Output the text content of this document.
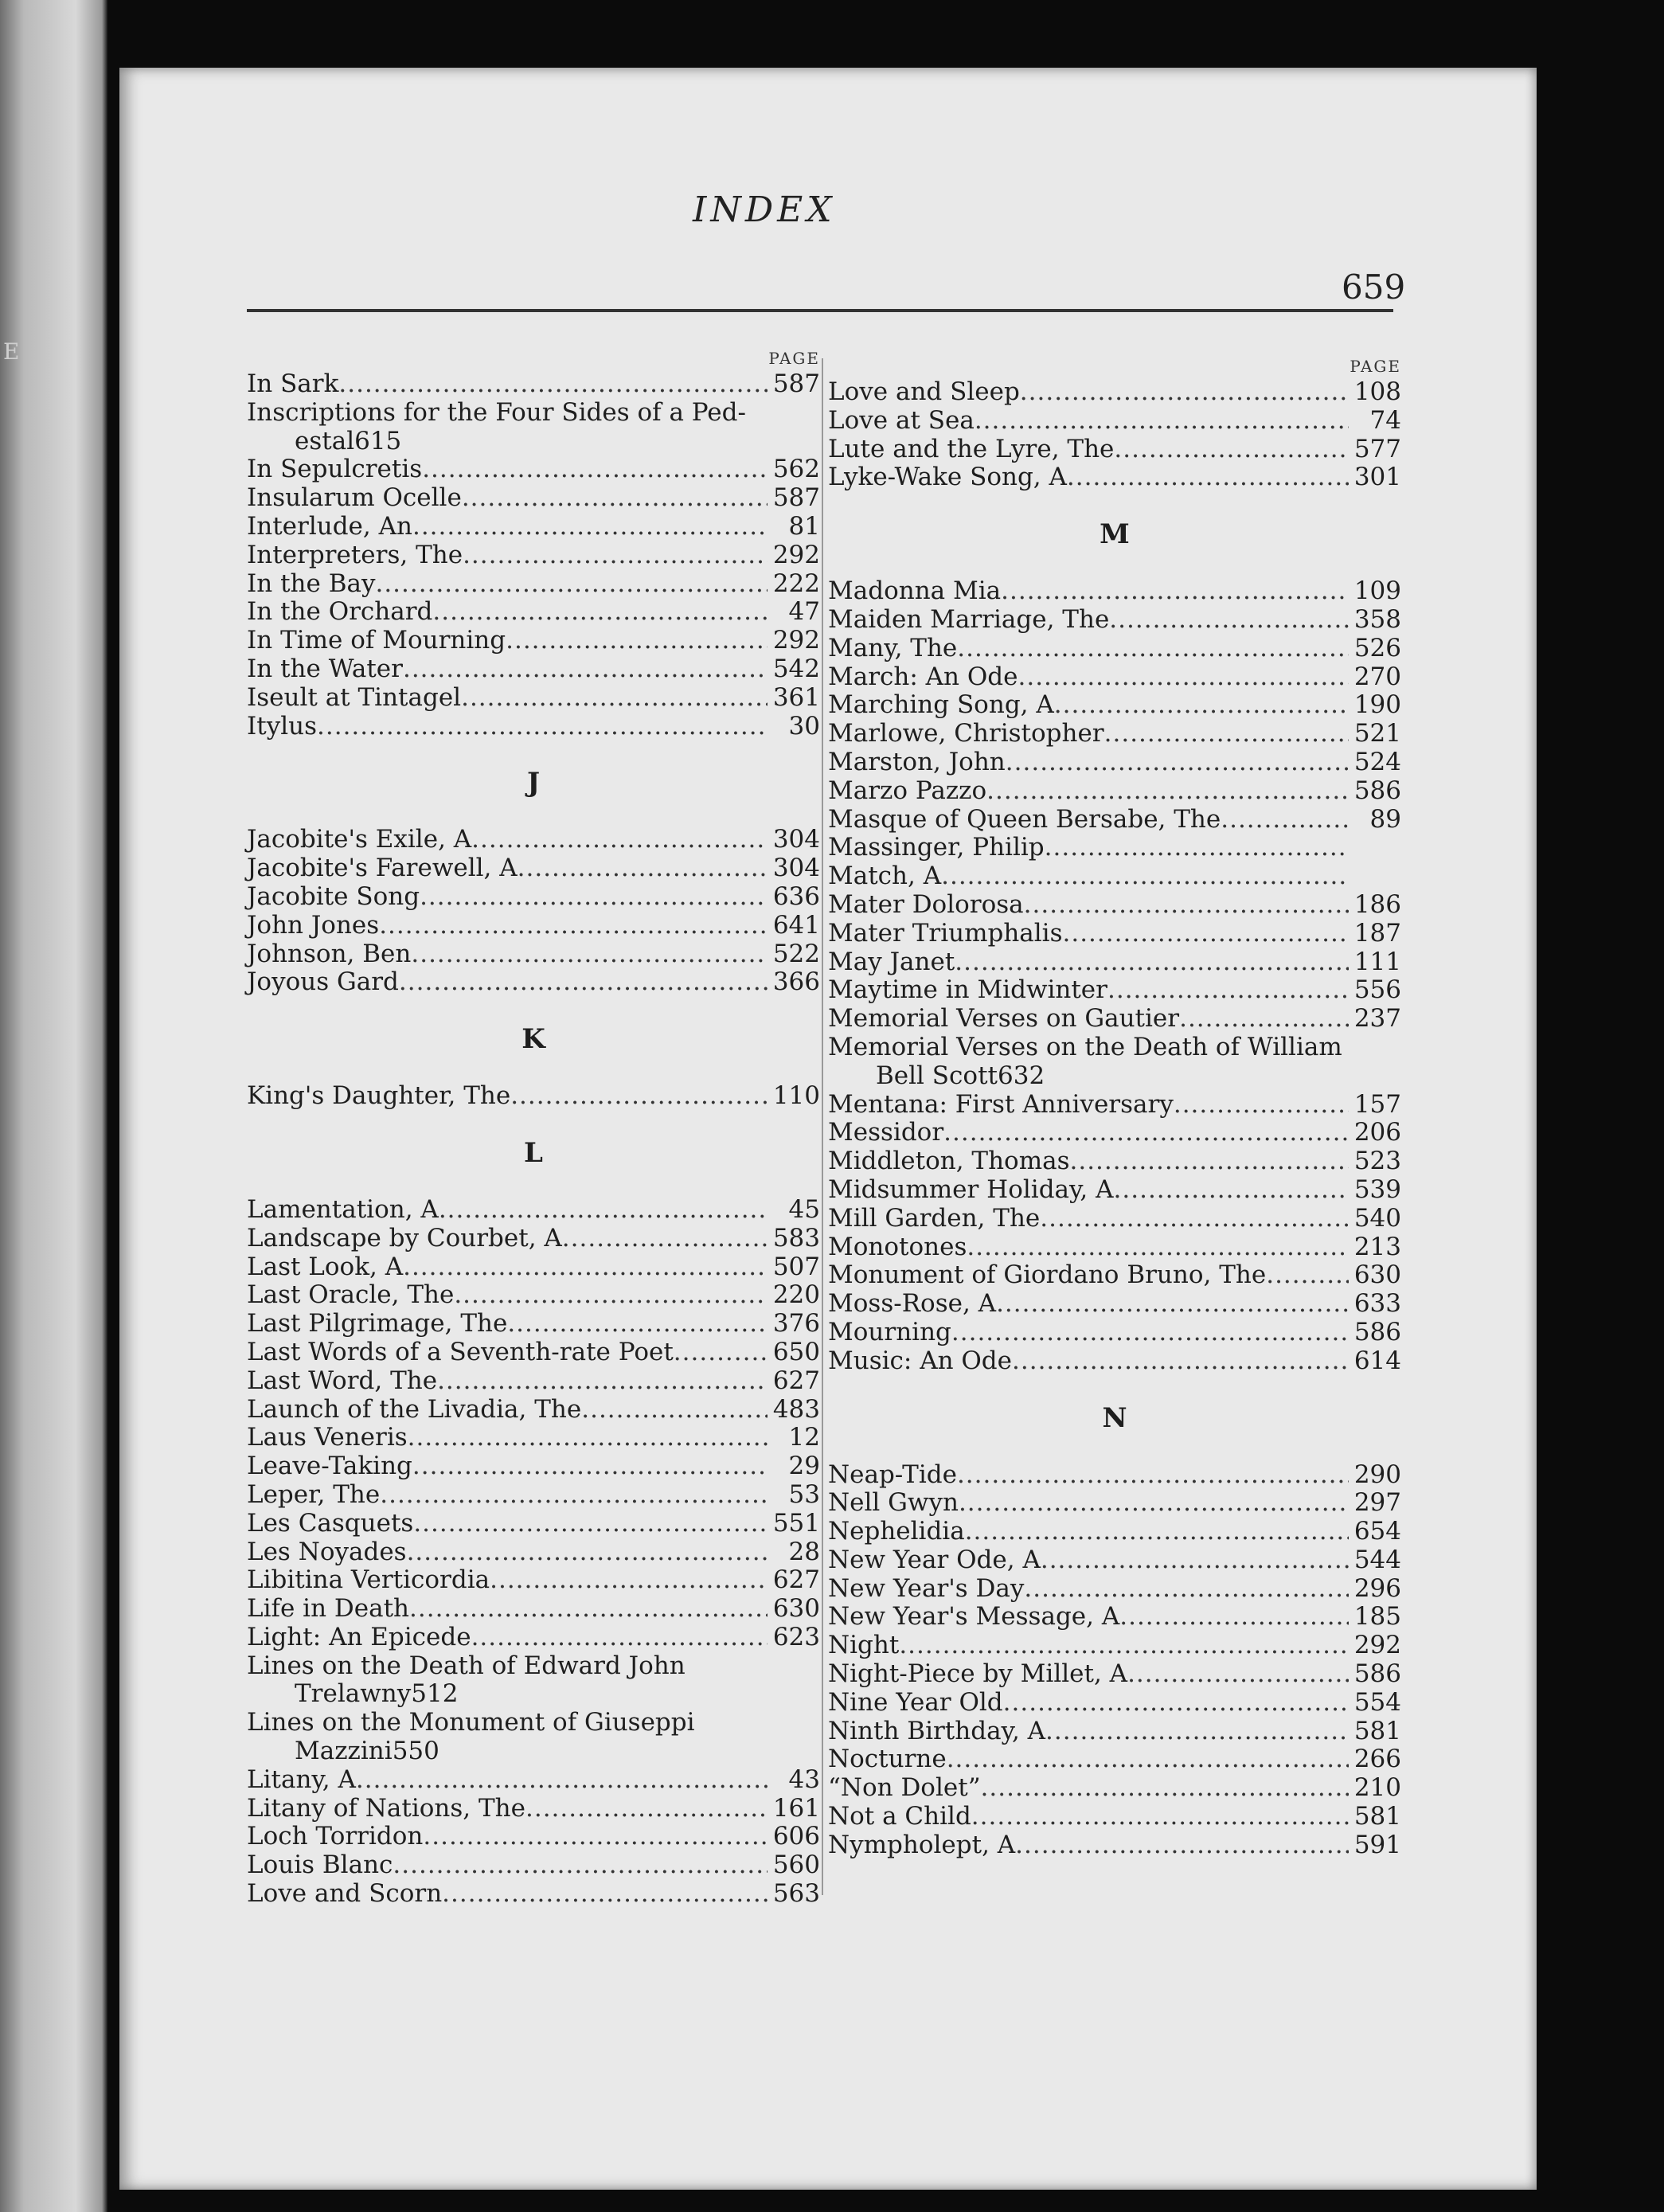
E
INDEX
659
PAGE
In Sark .....	587
Inscriptions for the Four Sides of a Ped-
estal 615
In Sepulcretis .....	562
Insularum Ocelle .....	587
Interlude, An .....	81
Interpreters, The .....	292
In the Bay .....	222
In the Orchard .....	47
In Time of Mourning .....	292
In the Water .....	542
Iseult at Tintagel .....	361
Itylus .....	30
J
Jacobite's Exile, A .....	304
Jacobite's Farewell, A .....	304
Jacobite Song .....	636
John Jones .....	641
Johnson, Ben .....	522
Joyous Gard .....	366
K
King's Daughter, The .....	110
L
Lamentation, A .....	45
Landscape by Courbet, A .....	583
Last Look, A .....	507
Last Oracle, The .....	220
Last Pilgrimage, The .....	376
Last Words of a Seventh-rate Poet .....	650
Last Word, The .....	627
Launch of the Livadia, The .....	483
Laus Veneris .....	12
Leave-Taking .....	29
Leper, The .....	53
Les Casquets .....	551
Les Noyades .....	28
Libitina Verticordia .....	627
Life in Death .....	630
Light: An Epicede .....	623
Lines on the Death of Edward John
Trelawny 512
Lines on the Monument of Giuseppi
Mazzini 550
Litany, A .....	43
Litany of Nations, The .....	161
Loch Torridon .....	606
Louis Blanc .....	560
Love and Scorn .....	563
PAGE
Love and Sleep .....	108
Love at Sea .....	74
Lute and the Lyre, The .....	577
Lyke-Wake Song, A .....	301
M
Madonna Mia .....	109
Maiden Marriage, The .....	358
Many, The .....	526
March: An Ode .....	270
Marching Song, A .....	190
Marlowe, Christopher .....	521
Marston, John .....	524
Marzo Pazzo .....	586
Masque of Queen Bersabe, The .....	89
Massinger, Philip
.....
Match, A
.....
Mater Dolorosa .....	186
Mater Triumphalis .....	187
May Janet .....	111
Maytime in Midwinter .....	556
Memorial Verses on Gautier .....	237
Memorial Verses on the Death of William
Bell Scott 632
Mentana: First Anniversary .....	157
Messidor .....	206
Middleton, Thomas .....	523
Midsummer Holiday, A .....	539
Mill Garden, The .....	540
Monotones .....	213
Monument of Giordano Bruno, The .....	630
Moss-Rose, A .....	633
Mourning .....	586
Music: An Ode .....	614
N
Neap-Tide .....	290
Nell Gwyn .....	297
Nephelidia .....	654
New Year Ode, A .....	544
New Year's Day .....	296
New Year's Message, A .....	185
Night .....	292
Night-Piece by Millet, A .....	586
Nine Year Old .....	554
Ninth Birthday, A .....	581
Nocturne .....	266
“Non Dolet” .....	210
Not a Child .....	581
Nympholept, A .....	591
